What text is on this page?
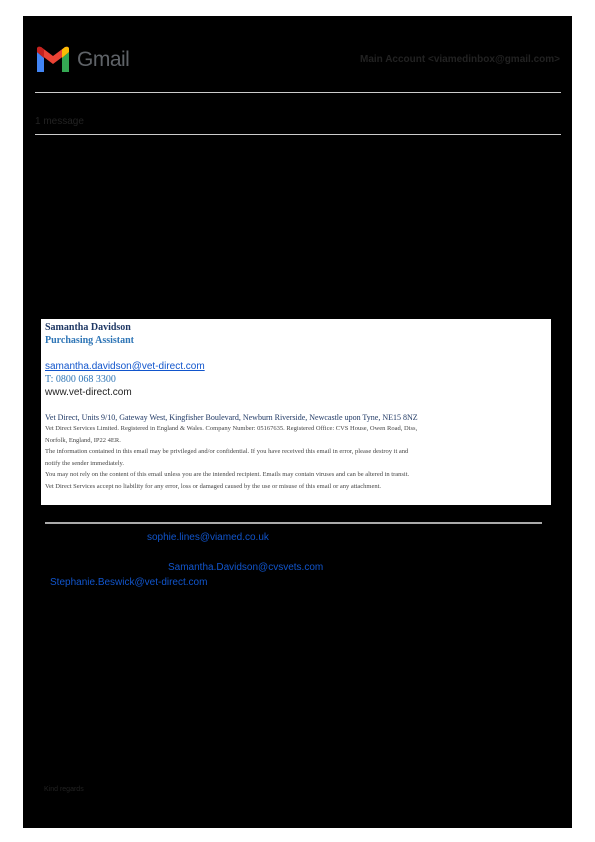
Gmail	Main Account <viamedinbox@gmail.com>
1 message
Samantha Davidson
Purchasing Assistant
samantha.davidson@vet-direct.com
T: 0800 068 3300
www.vet-direct.com
Vet Direct, Units 9/10, Gateway West, Kingfisher Boulevard, Newburn Riverside, Newcastle upon Tyne, NE15 8NZ
Vet Direct Services Limited. Registered in England & Wales. Company Number: 05167635. Registered Office: CVS House, Owen Road, Diss,
Norfolk, England, IP22 4ER.
The information contained in this email may be privileged and/or confidential. If you have received this email in error, please destroy it and
notify the sender immediately.
You may not rely on the content of this email unless you are the intended recipient. Emails may contain viruses and can be altered in transit.
Vet Direct Services accept no liability for any error, loss or damaged caused by the use or misuse of this email or any attachment.
sophie.lines@viamed.co.uk
Samantha.Davidson@cvsvets.com
Stephanie.Beswick@vet-direct.com
Kind regards
